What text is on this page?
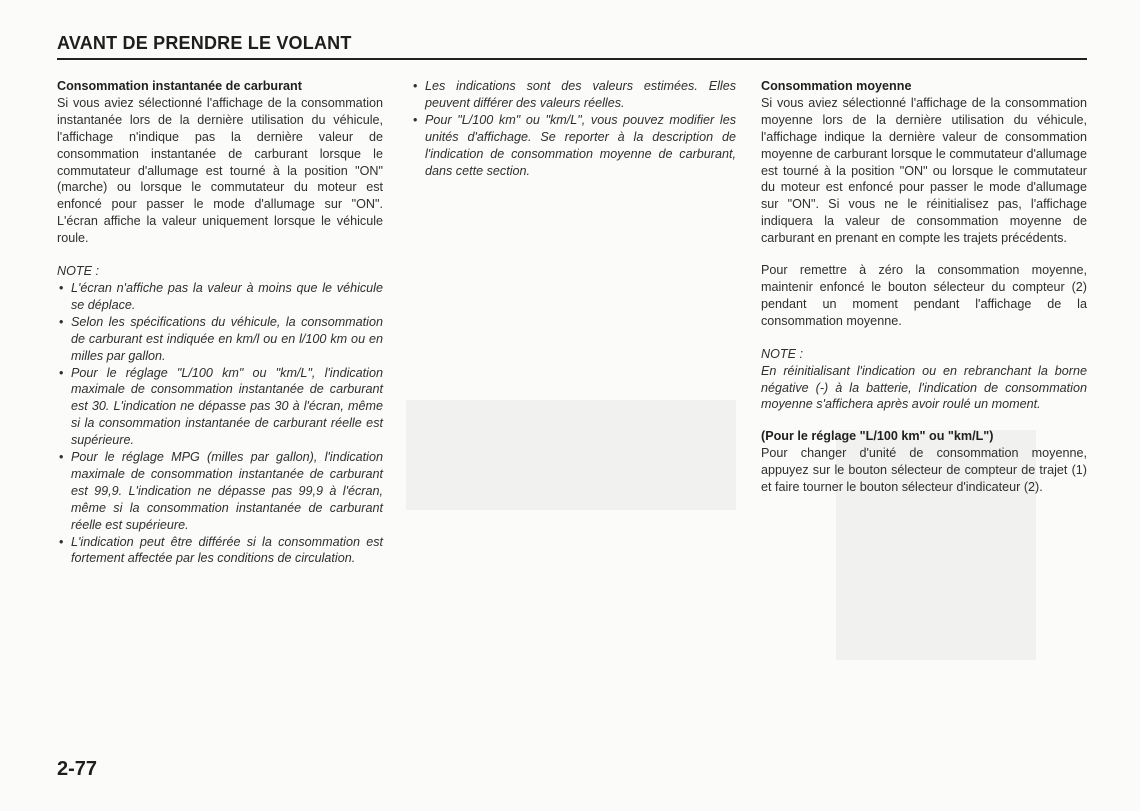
AVANT DE PRENDRE LE VOLANT

Consommation instantanée de carburant

Si vous aviez sélectionné l'affichage de la consommation instantanée lors de la dernière utilisation du véhicule, l'affichage n'indique pas la dernière valeur de consommation instantanée de carburant lorsque le commutateur d'allumage est tourné à la position "ON" (marche) ou lorsque le commutateur du moteur est enfoncé pour passer le mode d'allumage sur "ON". L'écran affiche la valeur uniquement lorsque le véhicule roule.

NOTE :

• L'écran n'affiche pas la valeur à moins que le véhicule se déplace.
• Selon les spécifications du véhicule, la consommation de carburant est indiquée en km/l ou en l/100 km ou en milles par gallon.
• Pour le réglage "L/100 km" ou "km/L", l'indication maximale de consommation instantanée de carburant est 30. L'indication ne dépasse pas 30 à l'écran, même si la consommation instantanée de carburant réelle est supérieure.
• Pour le réglage MPG (milles par gallon), l'indication maximale de consommation instantanée de carburant est 99,9. L'indication ne dépasse pas 99,9 à l'écran, même si la consommation instantanée de carburant réelle est supérieure.
• L'indication peut être différée si la consommation est fortement affectée par les conditions de circulation.
• Les indications sont des valeurs estimées. Elles peuvent différer des valeurs réelles.
• Pour "L/100 km" ou "km/L", vous pouvez modifier les unités d'affichage. Se reporter à la description de l'indication de consommation moyenne de carburant, dans cette section.

Consommation moyenne

Si vous aviez sélectionné l'affichage de la consommation moyenne lors de la dernière utilisation du véhicule, l'affichage indique la dernière valeur de consommation moyenne de carburant lorsque le commutateur d'allumage est tourné à la position "ON" ou lorsque le commutateur du moteur est enfoncé pour passer le mode d'allumage sur "ON". Si vous ne le réinitialisez pas, l'affichage indiquera la valeur de consommation moyenne de carburant en prenant en compte les trajets précédents.

Pour remettre à zéro la consommation moyenne, maintenir enfoncé le bouton sélecteur du compteur (2) pendant un moment pendant l'affichage de la consommation moyenne.

NOTE :

En réinitialisant l'indication ou en rebranchant la borne négative (-) à la batterie, l'indication de consommation moyenne s'affichera après avoir roulé un moment.

(Pour le réglage "L/100 km" ou "km/L")

Pour changer d'unité de consommation moyenne, appuyez sur le bouton sélecteur de compteur de trajet (1) et faire tourner le bouton sélecteur d'indicateur (2).

2-77
